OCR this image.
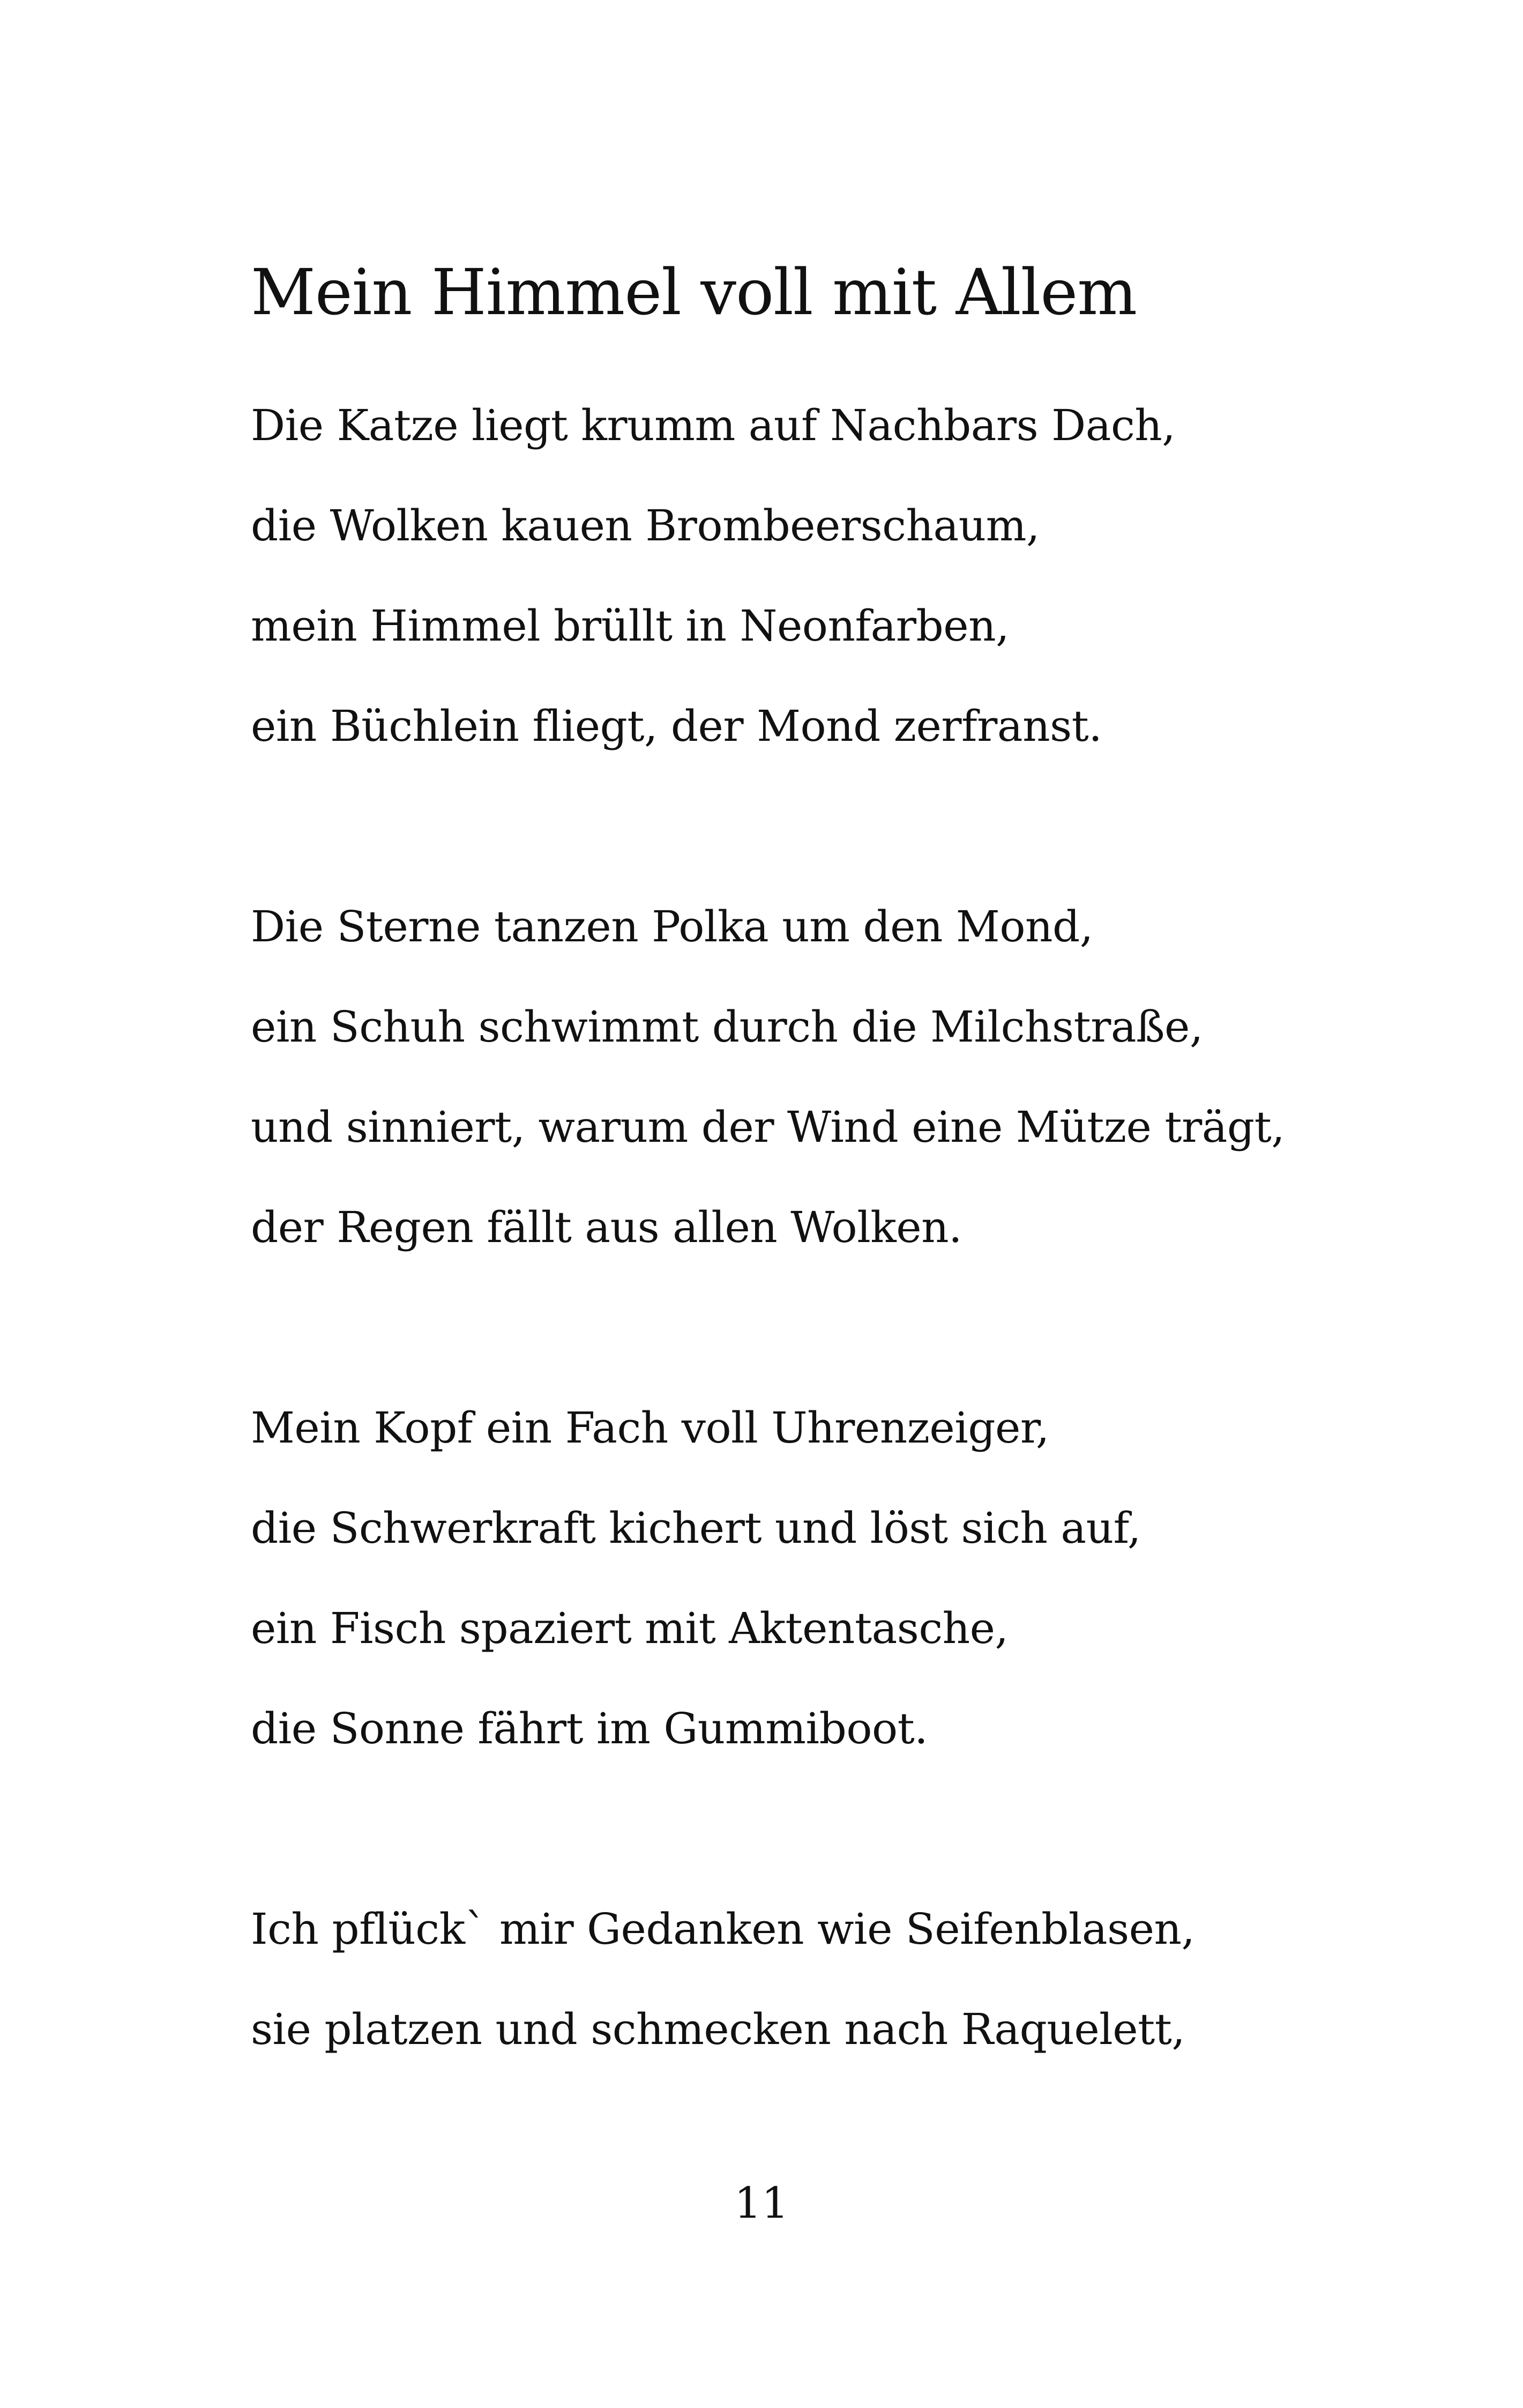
Mein Himmel voll mit Allem

Die Katze liegt krumm auf Nachbars Dach,
die Wolken kauen Brombeerschaum,
mein Himmel brüllt in Neonfarben,
ein Büchlein fliegt, der Mond zerfranst.

Die Sterne tanzen Polka um den Mond,
ein Schuh schwimmt durch die Milchstraße,
und sinniert, warum der Wind eine Mütze trägt,
der Regen fällt aus allen Wolken.

Mein Kopf ein Fach voll Uhrenzeiger,
die Schwerkraft kichert und löst sich auf,
ein Fisch spaziert mit Aktentasche,
die Sonne fährt im Gummiboot.

Ich pflück` mir Gedanken wie Seifenblasen,
sie platzen und schmecken nach Raquelett,

11
